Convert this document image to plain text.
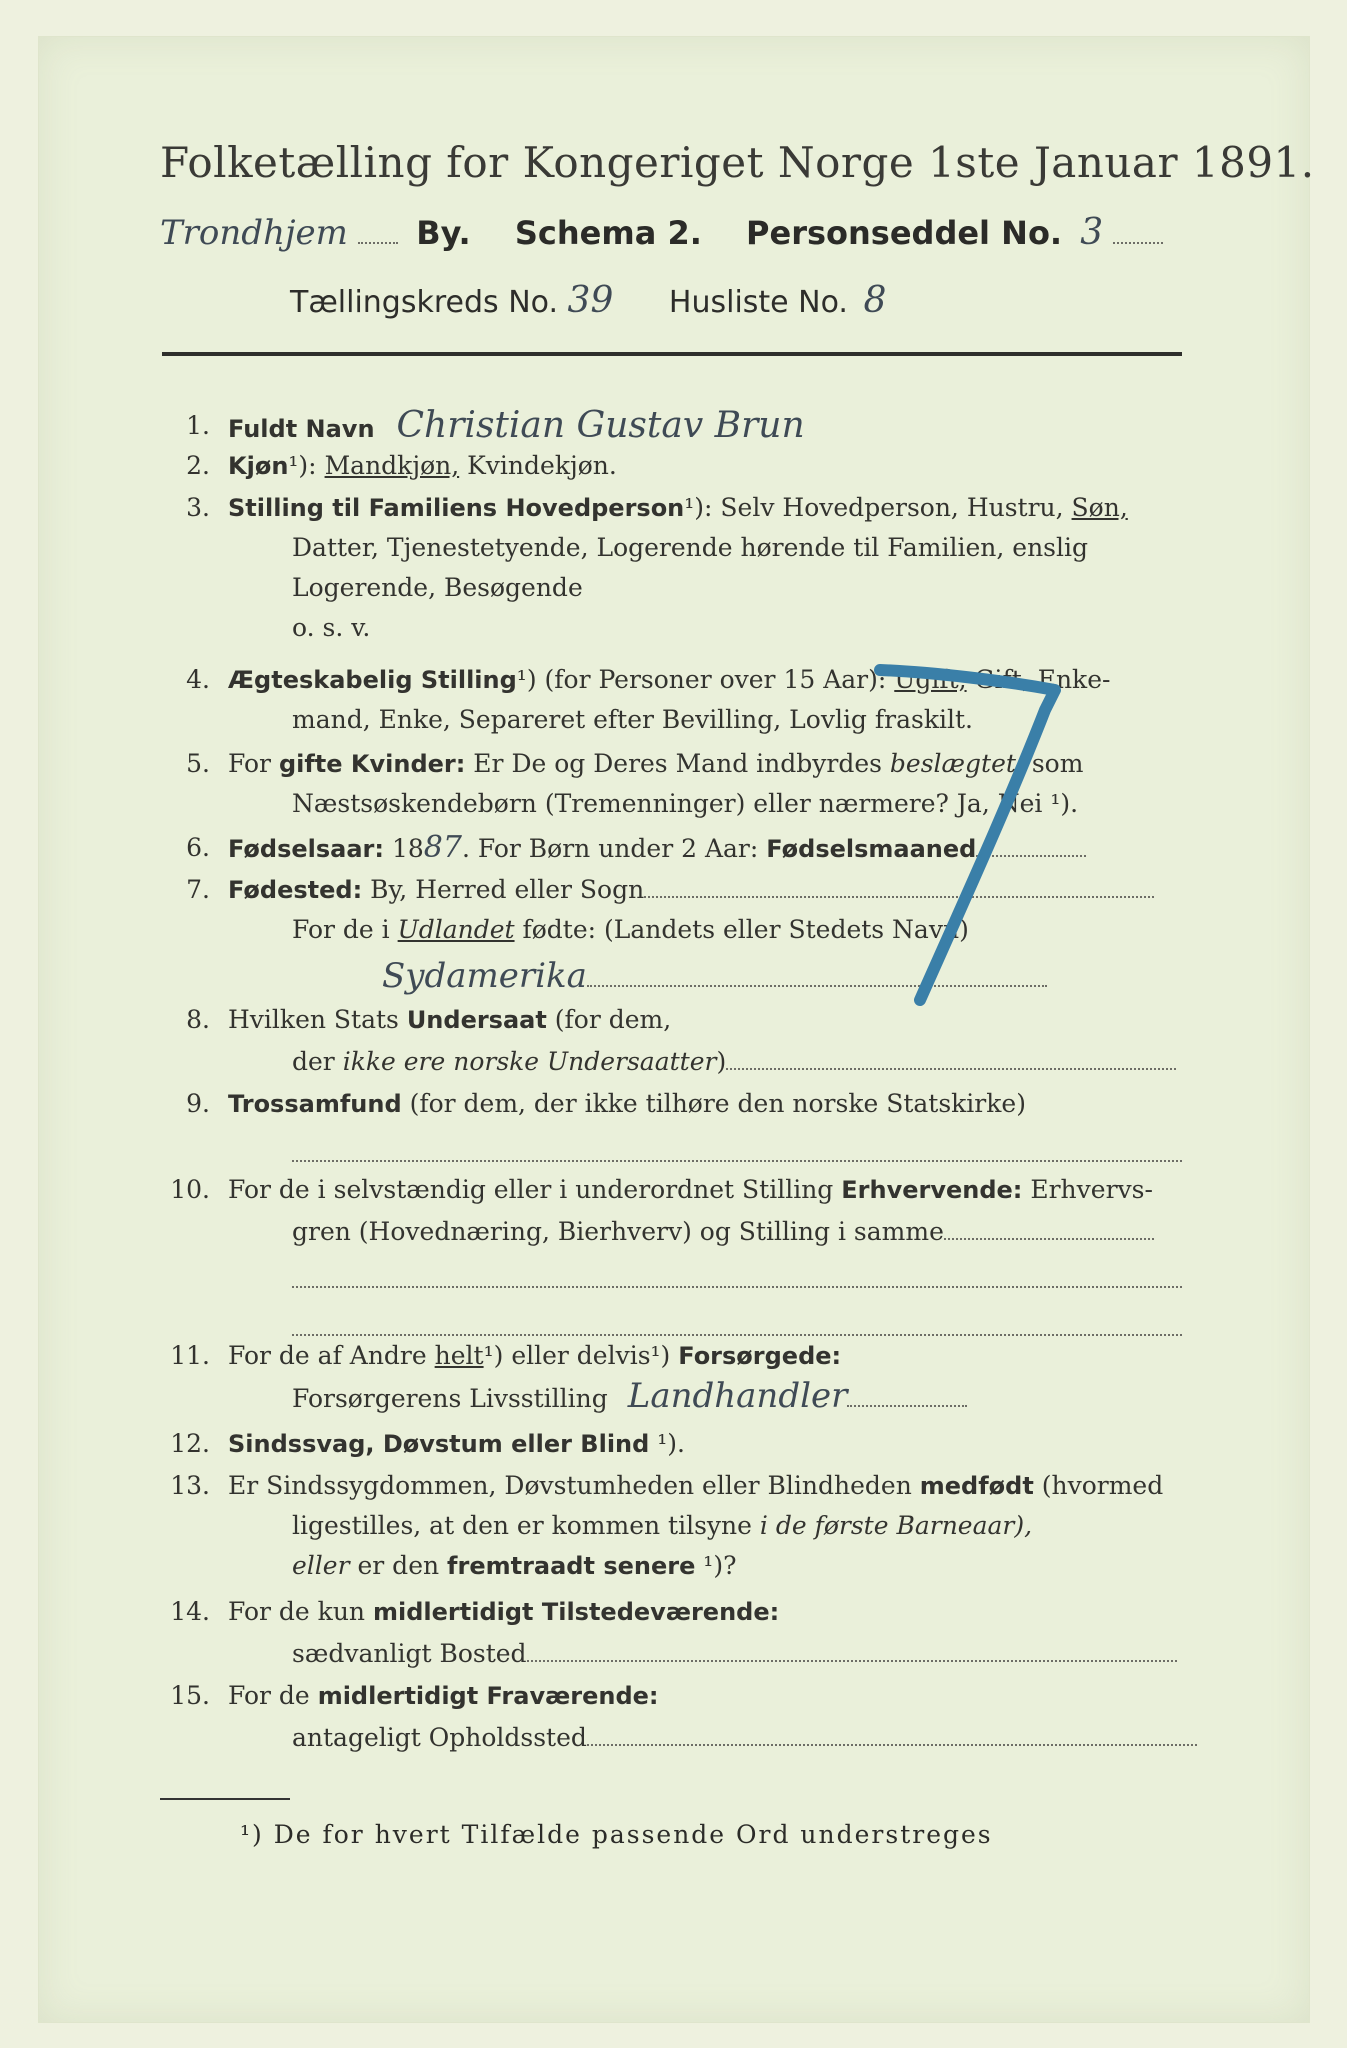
Folketælling for Kongeriget Norge 1ste Januar 1891.
Trondhjem By. Schema 2. Personseddel No. 3
Tællingskreds No. 39 Husliste No. 8
1. Fuldt Navn Christian Gustav Brun
2. Kjøn¹): Mandkjøn, Kvindekjøn.
3. Stilling til Familiens Hovedperson¹): Selv Hovedperson, Hustru, Søn,
Datter, Tjenestetyende, Logerende hørende til Familien, enslig
Logerende, Besøgende
o. s. v.
4. Ægteskabelig Stilling¹) (for Personer over 15 Aar): Ugift, Gift, Enke-
mand, Enke, Separeret efter Bevilling, Lovlig fraskilt.
5. For gifte Kvinder: Er De og Deres Mand indbyrdes beslægtet, som
Næstsøskendebørn (Tremenninger) eller nærmere? Ja, Nei ¹).
6. Fødselsaar: 1887. For Børn under 2 Aar: Fødselsmaaned
7. Fødested: By, Herred eller Sogn
For de i Udlandet fødte: (Landets eller Stedets Navn)
Sydamerika
8. Hvilken Stats Undersaat (for dem,
der ikke ere norske Undersaatter)
9. Trossamfund (for dem, der ikke tilhøre den norske Statskirke)
10. For de i selvstændig eller i underordnet Stilling Erhvervende: Erhvervs-
gren (Hovednæring, Bierhverv) og Stilling i samme
11. For de af Andre helt¹) eller delvis¹) Forsørgede:
Forsørgerens Livsstilling Landhandler
12. Sindssvag, Døvstum eller Blind ¹).
13. Er Sindssygdommen, Døvstumheden eller Blindheden medfødt (hvormed
ligestilles, at den er kommen tilsyne i de første Barneaar),
eller er den fremtraadt senere ¹)?
14. For de kun midlertidigt Tilstedeværende:
sædvanligt Bosted
15. For de midlertidigt Fraværende:
antageligt Opholdssted
¹) De for hvert Tilfælde passende Ord understreges
